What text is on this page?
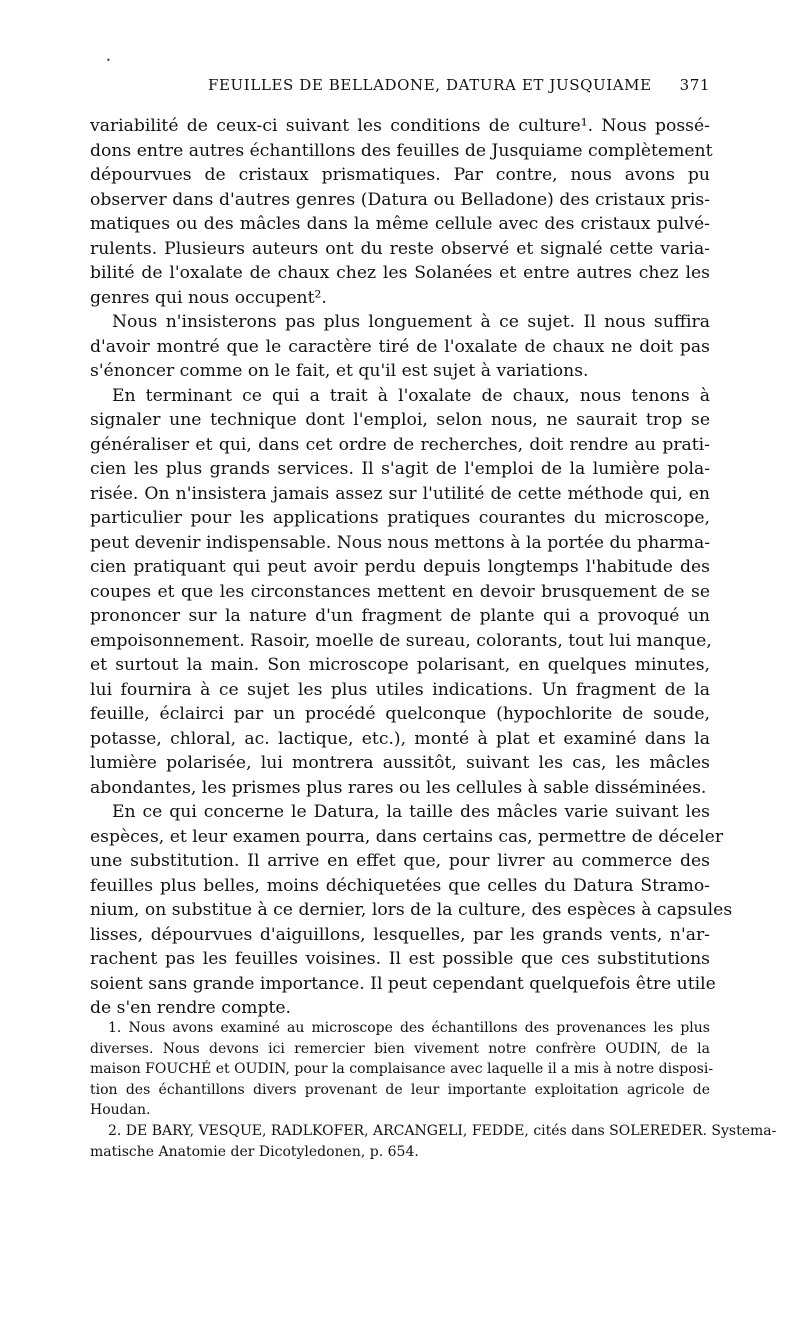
•
FEUILLES DE BELLADONE, DATURA ET JUSQUIAME 371
variabilité de ceux-ci suivant les conditions de culture¹. Nous possé-
dons entre autres échantillons des feuilles de Jusquiame complètement
dépourvues de cristaux prismatiques. Par contre, nous avons pu
observer dans d'autres genres (Datura ou Belladone) des cristaux pris-
matiques ou des mâcles dans la même cellule avec des cristaux pulvé-
rulents. Plusieurs auteurs ont du reste observé et signalé cette varia-
bilité de l'oxalate de chaux chez les Solanées et entre autres chez les
genres qui nous occupent².
Nous n'insisterons pas plus longuement à ce sujet. Il nous suffira
d'avoir montré que le caractère tiré de l'oxalate de chaux ne doit pas
s'énoncer comme on le fait, et qu'il est sujet à variations.
En terminant ce qui a trait à l'oxalate de chaux, nous tenons à
signaler une technique dont l'emploi, selon nous, ne saurait trop se
généraliser et qui, dans cet ordre de recherches, doit rendre au prati-
cien les plus grands services. Il s'agit de l'emploi de la lumière pola-
risée. On n'insistera jamais assez sur l'utilité de cette méthode qui, en
particulier pour les applications pratiques courantes du microscope,
peut devenir indispensable. Nous nous mettons à la portée du pharma-
cien pratiquant qui peut avoir perdu depuis longtemps l'habitude des
coupes et que les circonstances mettent en devoir brusquement de se
prononcer sur la nature d'un fragment de plante qui a provoqué un
empoisonnement. Rasoir, moelle de sureau, colorants, tout lui manque,
et surtout la main. Son microscope polarisant, en quelques minutes,
lui fournira à ce sujet les plus utiles indications. Un fragment de la
feuille, éclairci par un procédé quelconque (hypochlorite de soude,
potasse, chloral, ac. lactique, etc.), monté à plat et examiné dans la
lumière polarisée, lui montrera aussitôt, suivant les cas, les mâcles
abondantes, les prismes plus rares ou les cellules à sable disséminées.
En ce qui concerne le Datura, la taille des mâcles varie suivant les
espèces, et leur examen pourra, dans certains cas, permettre de déceler
une substitution. Il arrive en effet que, pour livrer au commerce des
feuilles plus belles, moins déchiquetées que celles du Datura Stramo-
nium, on substitue à ce dernier, lors de la culture, des espèces à capsules
lisses, dépourvues d'aiguillons, lesquelles, par les grands vents, n'ar-
rachent pas les feuilles voisines. Il est possible que ces substitutions
soient sans grande importance. Il peut cependant quelquefois être utile
de s'en rendre compte.
1. Nous avons examiné au microscope des échantillons des provenances les plus
diverses. Nous devons ici remercier bien vivement notre confrère OUDIN, de la
maison FOUCHÉ et OUDIN, pour la complaisance avec laquelle il a mis à notre disposi-
tion des échantillons divers provenant de leur importante exploitation agricole de
Houdan.
2. DE BARY, VESQUE, RADLKOFER, ARCANGELI, FEDDE, cités dans SOLEREDER. Systema-
matische Anatomie der Dicotyledonen, p. 654.
